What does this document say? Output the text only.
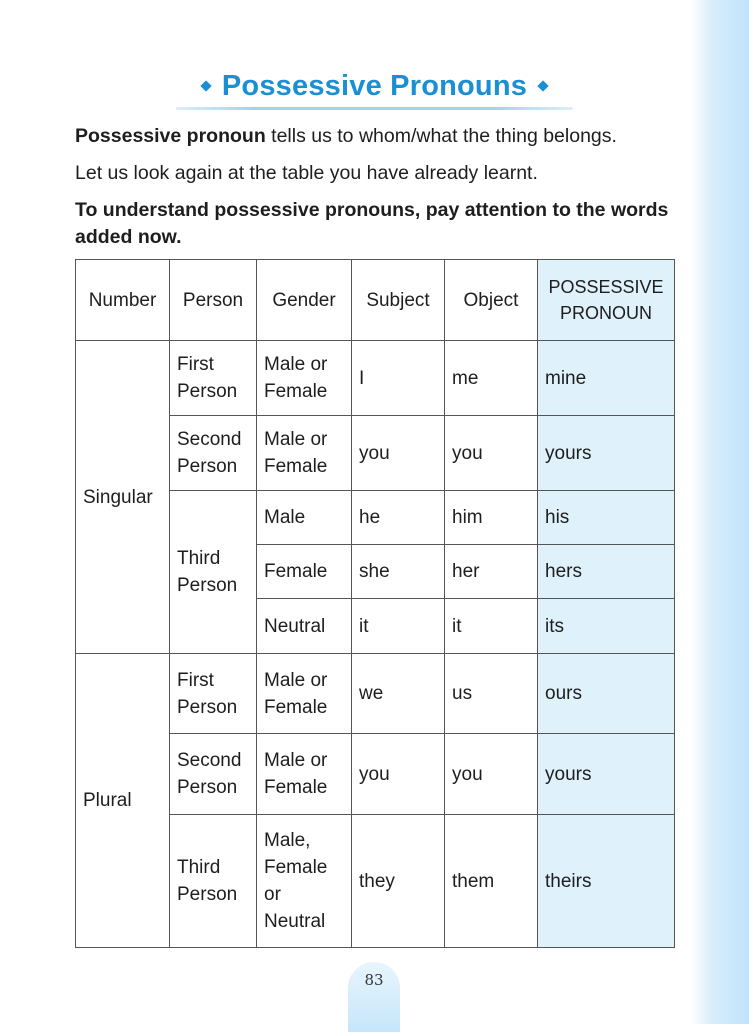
Possessive Pronouns
Possessive pronoun tells us to whom/what the thing belongs.
Let us look again at the table you have already learnt.
To understand possessive pronouns, pay attention to the words added now.
Number	Person	Gender	Subject	Object	POSSESSIVE PRONOUN
Singular	First Person	Male or Female	I	me	mine
	Second Person	Male or Female	you	you	yours
	Third Person	Male	he	him	his
		Female	she	her	hers
		Neutral	it	it	its
Plural	First Person	Male or Female	we	us	ours
	Second Person	Male or Female	you	you	yours
	Third Person	Male, Female or Neutral	they	them	theirs
83
